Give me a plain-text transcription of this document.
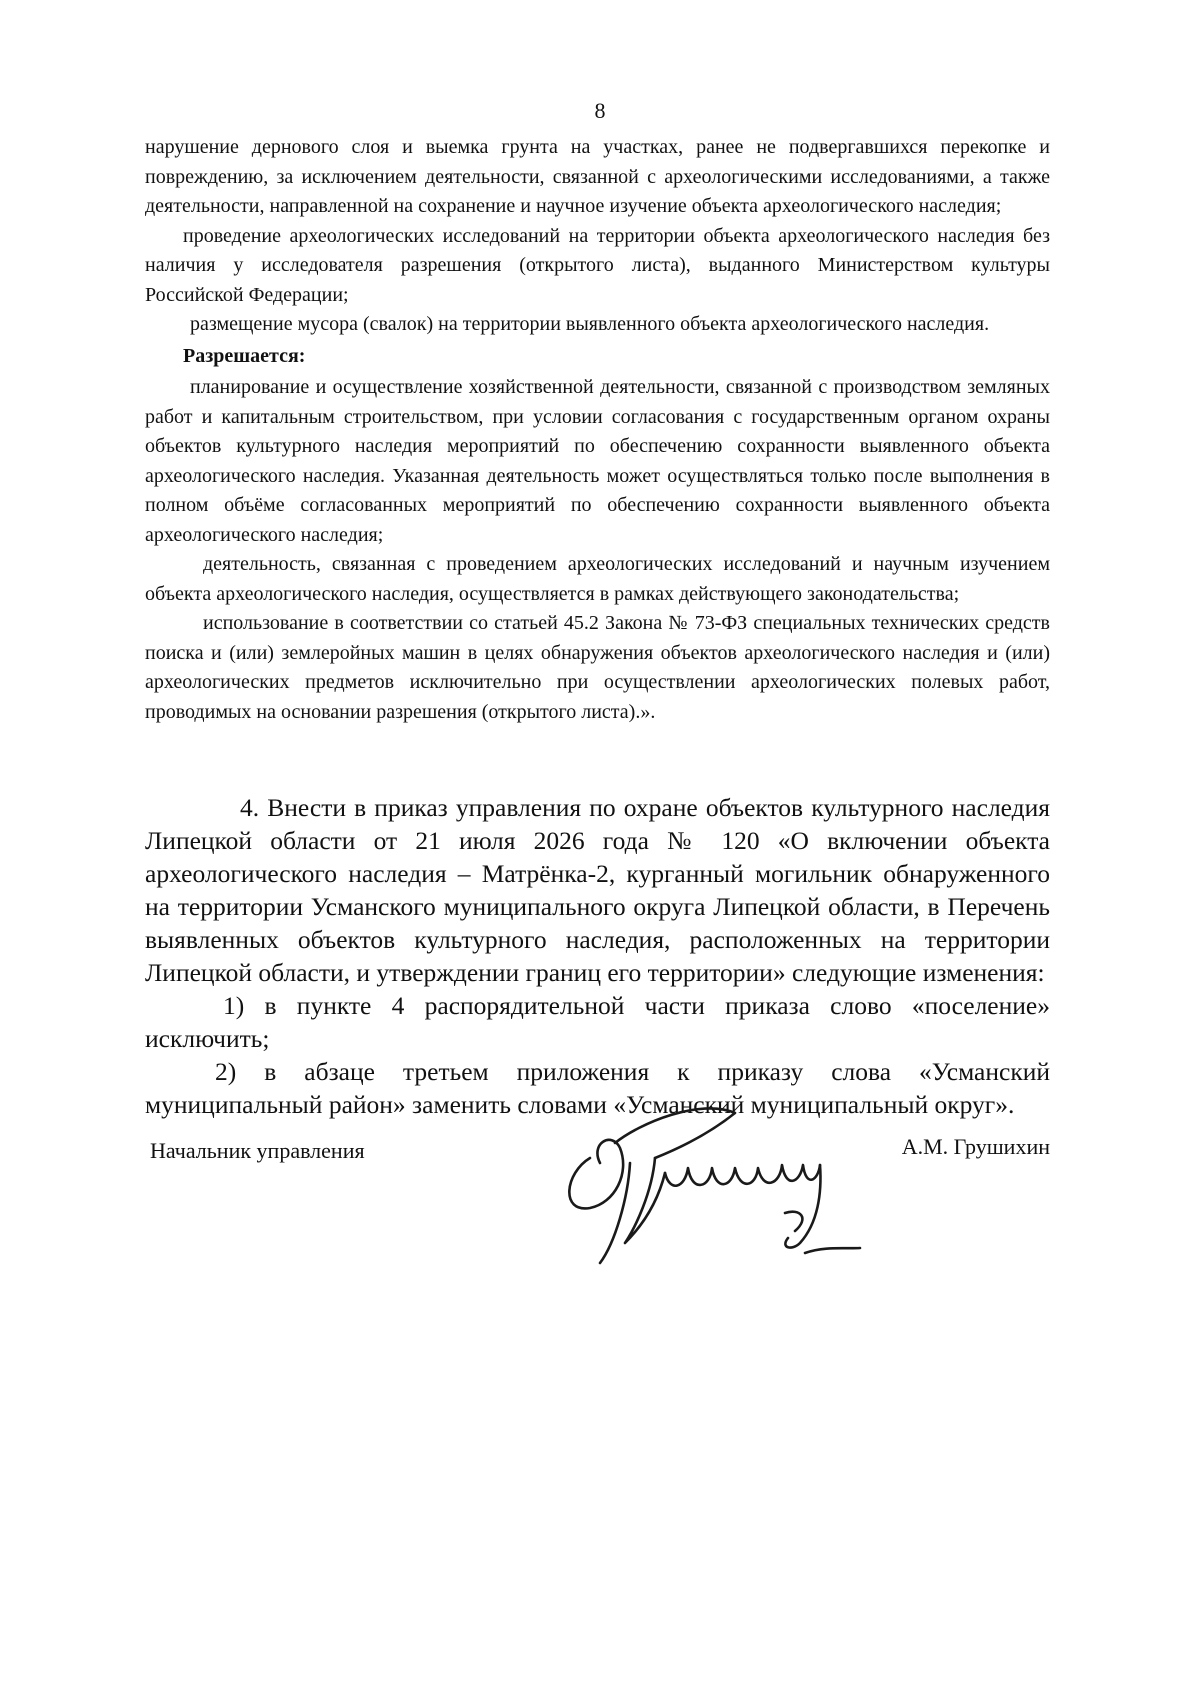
8

нарушение дернового слоя и выемка грунта на участках, ранее не подвергавшихся перекопке и повреждению, за исключением деятельности, связанной с археологическими исследованиями, а также деятельности, направленной на сохранение и научное изучение объекта археологического наследия;

проведение археологических исследований на территории объекта археологического наследия без наличия у исследователя разрешения (открытого листа), выданного Министерством культуры Российской Федерации;

размещение мусора (свалок) на территории выявленного объекта археологического наследия.

Разрешается:

планирование и осуществление хозяйственной деятельности, связанной с производством земляных работ и капитальным строительством, при условии согласования с государственным органом охраны объектов культурного наследия мероприятий по обеспечению сохранности выявленного объекта археологического наследия. Указанная деятельность может осуществляться только после выполнения в полном объёме согласованных мероприятий по обеспечению сохранности выявленного объекта археологического наследия;

деятельность, связанная с проведением археологических исследований и научным изучением объекта археологического наследия, осуществляется в рамках действующего законодательства;

использование в соответствии со статьей 45.2 Закона № 73-ФЗ специальных технических средств поиска и (или) землеройных машин в целях обнаружения объектов археологического наследия и (или) археологических предметов исключительно при осуществлении археологических полевых работ, проводимых на основании разрешения (открытого листа).».

4. Внести в приказ управления по охране объектов культурного наследия Липецкой области от 21 июля 2026 года № 120 «О включении объекта археологического наследия – Матрёнка-2, курганный могильник обнаруженного на территории Усманского муниципального округа Липецкой области, в Перечень выявленных объектов культурного наследия, расположенных на территории Липецкой области, и утверждении границ его территории» следующие изменения:

1) в пункте 4 распорядительной части приказа слово «поселение» исключить;

2) в абзаце третьем приложения к приказу слова «Усманский муниципальный район» заменить словами «Усманский муниципальный округ».

Начальник управления	А.М. Грушихин
